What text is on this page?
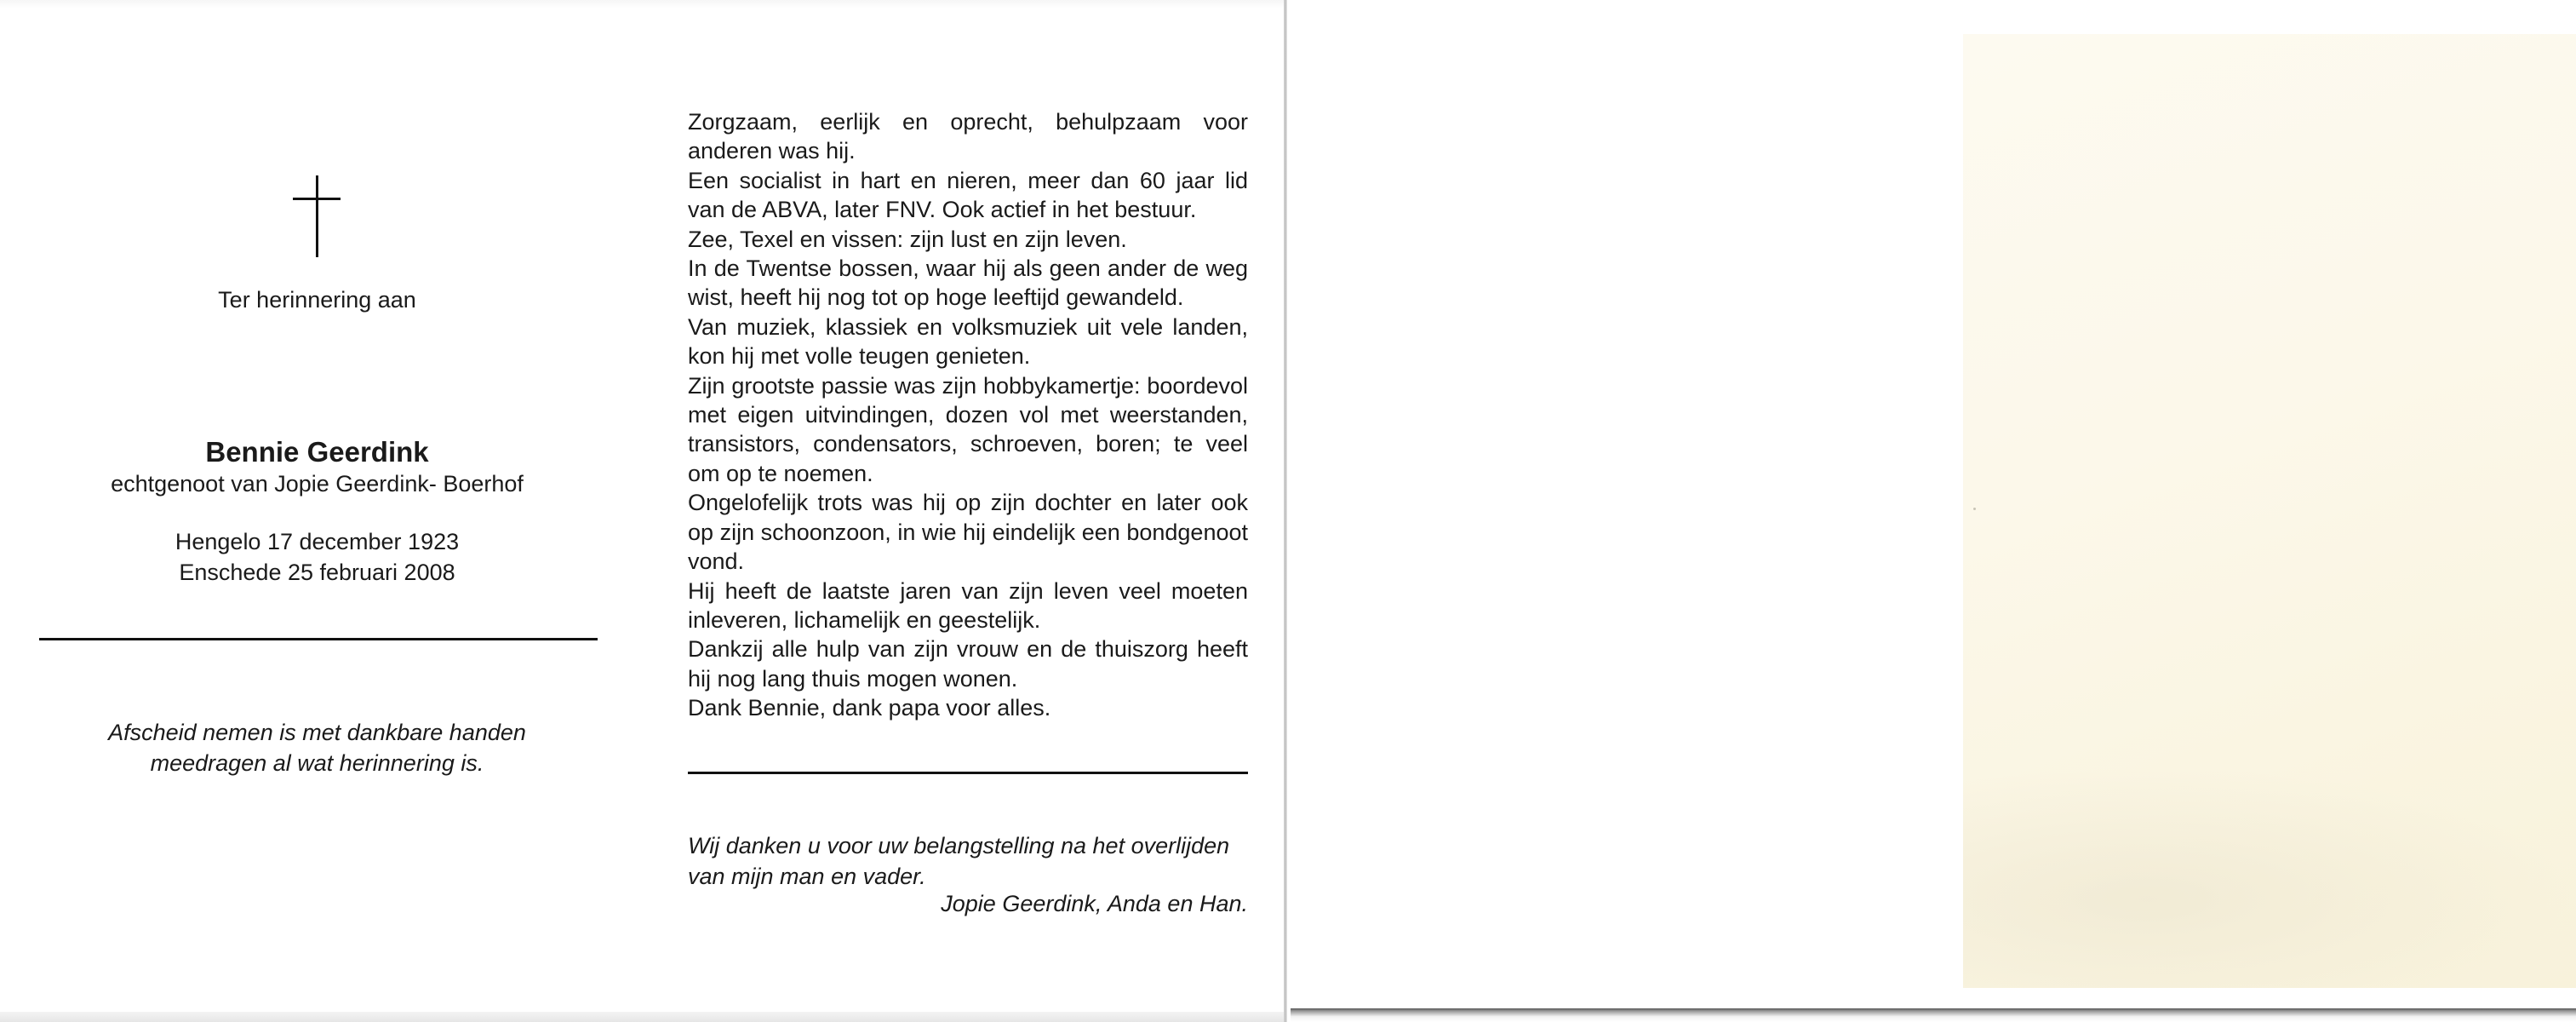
Ter herinnering aan
Bennie Geerdink
echtgenoot van Jopie Geerdink- Boerhof
Hengelo 17 december 1923
Enschede 25 februari 2008
Afscheid nemen is met dankbare handen
meedragen al wat herinnering is.

Zorgzaam, eerlijk en oprecht, behulpzaam voor anderen was hij.

Een socialist in hart en nieren, meer dan 60 jaar lid van de ABVA, later FNV. Ook actief in het bestuur.

Zee, Texel en vissen: zijn lust en zijn leven.

In de Twentse bossen, waar hij als geen ander de weg wist, heeft hij nog tot op hoge leeftijd gewandeld.

Van muziek, klassiek en volksmuziek uit vele landen, kon hij met volle teugen genieten.

Zijn grootste passie was zijn hobbykamertje: boordevol met eigen uitvindingen, dozen vol met weerstanden, transistors, condensators, schroeven, boren; te veel om op te noemen.

Ongelofelijk trots was hij op zijn dochter en later ook op zijn schoonzoon, in wie hij eindelijk een bondgenoot vond.

Hij heeft de laatste jaren van zijn leven veel moeten inleveren, lichamelijk en geestelijk.

Dankzij alle hulp van zijn vrouw en de thuiszorg heeft hij nog lang thuis mogen wonen.

Dank Bennie, dank papa voor alles.

Wij danken u voor uw belangstelling na het overlijden van mijn man en vader.
Jopie Geerdink, Anda en Han.
